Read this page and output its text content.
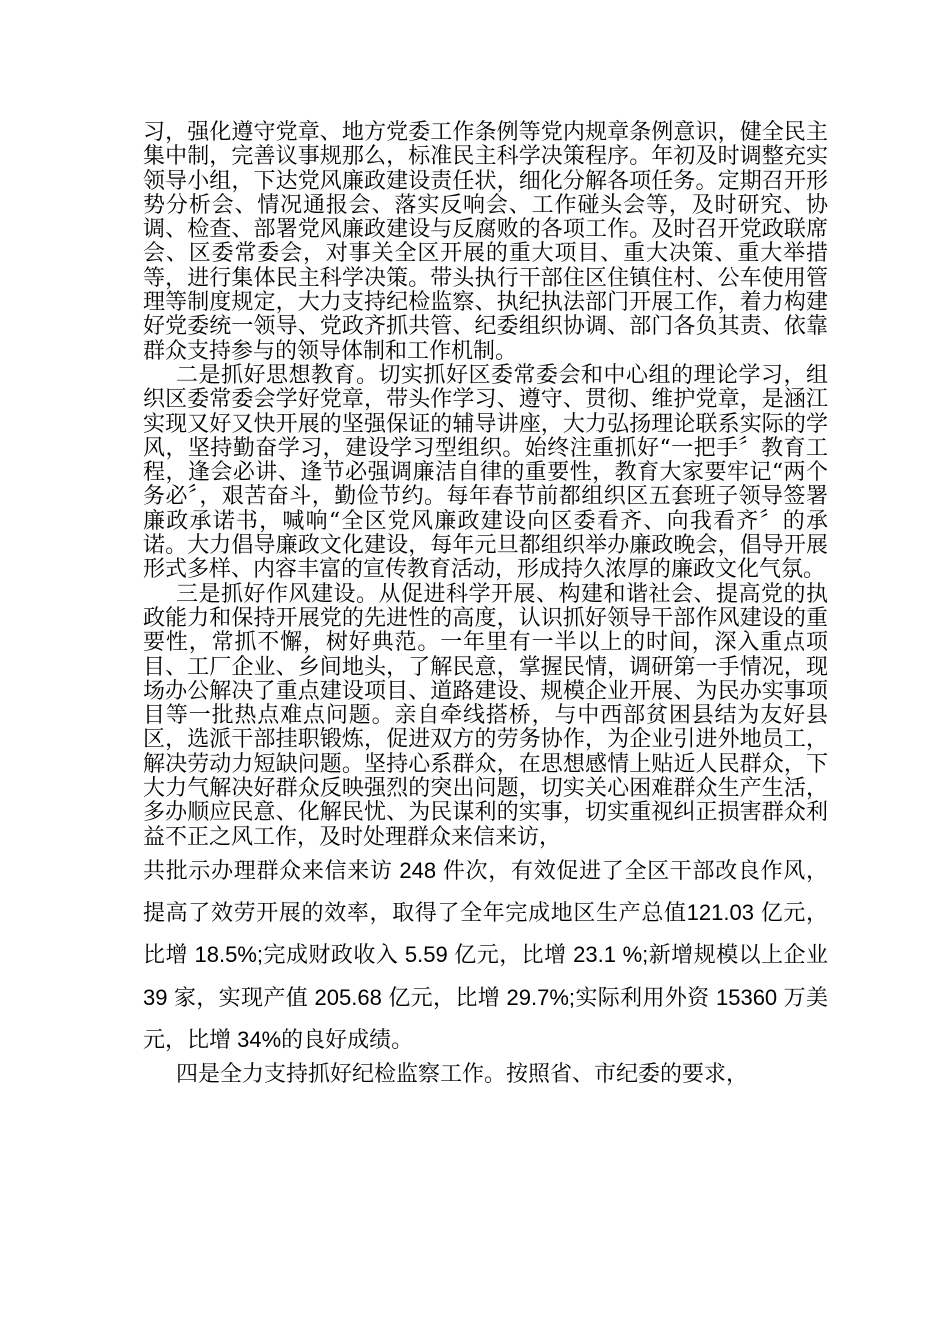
习，强化遵守党章、地方党委工作条例等党内规章条例意识，健全民主集中制，完善议事规那么，标准民主科学决策程序。年初及时调整充实领导小组，下达党风廉政建设责任状，细化分解各项任务。定期召开形势分析会、情况通报会、落实反响会、工作碰头会等，及时研究、协调、检查、部署党风廉政建设与反腐败的各项工作。及时召开党政联席会、区委常委会，对事关全区开展的重大项目、重大决策、重大举措等，进行集体民主科学决策。带头执行干部住区住镇住村、公车使用管理等制度规定，大力支持纪检监察、执纪执法部门开展工作，着力构建好党委统一领导、党政齐抓共管、纪委组织协调、部门各负其责、依靠群众支持参与的领导体制和工作机制。

二是抓好思想教育。切实抓好区委常委会和中心组的理论学习，组织区委常委会学好党章，带头作学习、遵守、贯彻、维护党章，是涵江实现又好又快开展的坚强保证的辅导讲座，大力弘扬理论联系实际的学风，坚持勤奋学习，建设学习型组织。始终注重抓好“一把手〞教育工程，逢会必讲、逢节必强调廉洁自律的重要性，教育大家要牢记“两个务必〞，艰苦奋斗，勤俭节约。每年春节前都组织区五套班子领导签署廉政承诺书，喊响“全区党风廉政建设向区委看齐、向我看齐〞的承诺。大力倡导廉政文化建设，每年元旦都组织举办廉政晚会，倡导开展形式多样、内容丰富的宣传教育活动，形成持久浓厚的廉政文化气氛。

三是抓好作风建设。从促进科学开展、构建和谐社会、提高党的执政能力和保持开展党的先进性的高度，认识抓好领导干部作风建设的重要性，常抓不懈，树好典范。一年里有一半以上的时间，深入重点项目、工厂企业、乡间地头，了解民意，掌握民情，调研第一手情况，现场办公解决了重点建设项目、道路建设、规模企业开展、为民办实事项目等一批热点难点问题。亲自牵线搭桥，与中西部贫困县结为友好县区，选派干部挂职锻炼，促进双方的劳务协作，为企业引进外地员工，解决劳动力短缺问题。坚持心系群众，在思想感情上贴近人民群众，下大力气解决好群众反映强烈的突出问题，切实关心困难群众生产生活，多办顺应民意、化解民忧、为民谋利的实事，切实重视纠正损害群众利益不正之风工作，及时处理群众来信来访，

共批示办理群众来信来访 248 件次，有效促进了全区干部改良作风，提高了效劳开展的效率，取得了全年完成地区生产总值121.03 亿元，比增 18.5%;完成财政收入 5.59 亿元，比增 23.1 %;新增规模以上企业 39 家，实现产值 205.68 亿元，比增 29.7%;实际利用外资 15360 万美元，比增 34%的良好成绩。

四是全力支持抓好纪检监察工作。按照省、市纪委的要求，
